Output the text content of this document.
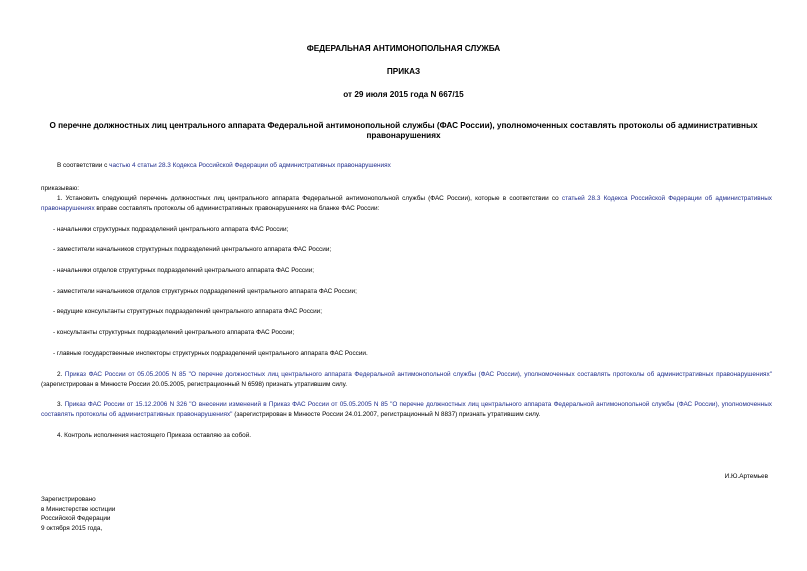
ФЕДЕРАЛЬНАЯ АНТИМОНОПОЛЬНАЯ СЛУЖБА
ПРИКАЗ
от 29 июля 2015 года N 667/15
О перечне должностных лиц центрального аппарата Федеральной антимонопольной службы (ФАС России), уполномоченных составлять протоколы об административных правонарушениях
В соответствии с частью 4 статьи 28.3 Кодекса Российской Федерации об административных правонарушениях
приказываю:
1. Установить следующий перечень должностных лиц центрального аппарата Федеральной антимонопольной службы (ФАС России), которые в соответствии со статьей 28.3 Кодекса Российской Федерации об административных правонарушениях вправе составлять протоколы об административных правонарушениях на бланке ФАС России:
- начальники структурных подразделений центрального аппарата ФАС России;
- заместители начальников структурных подразделений центрального аппарата ФАС России;
- начальники отделов структурных подразделений центрального аппарата ФАС России;
- заместители начальников отделов структурных подразделений центрального аппарата ФАС России;
- ведущие консультанты структурных подразделений центрального аппарата ФАС России;
- консультанты структурных подразделений центрального аппарата ФАС России;
- главные государственные инспекторы структурных подразделений центрального аппарата ФАС России.
2. Приказ ФАС России от 05.05.2005 N 85 "О перечне должностных лиц центрального аппарата Федеральной антимонопольной службы (ФАС России), уполномоченных составлять протоколы об административных правонарушениях" (зарегистрирован в Минюсте России 20.05.2005, регистрационный N 6598) признать утратившим силу.
3. Приказ ФАС России от 15.12.2006 N 326 "О внесении изменений в Приказ ФАС России от 05.05.2005 N 85 "О перечне должностных лиц центрального аппарата Федеральной антимонопольной службы (ФАС России), уполномоченных составлять протоколы об административных правонарушениях" (зарегистрирован в Минюсте России 24.01.2007, регистрационный N 8837) признать утратившим силу.
4. Контроль исполнения настоящего Приказа оставляю за собой.
И.Ю.Артемьев
Зарегистрировано
в Министерстве юстиции
Российской Федерации
9 октября 2015 года,
